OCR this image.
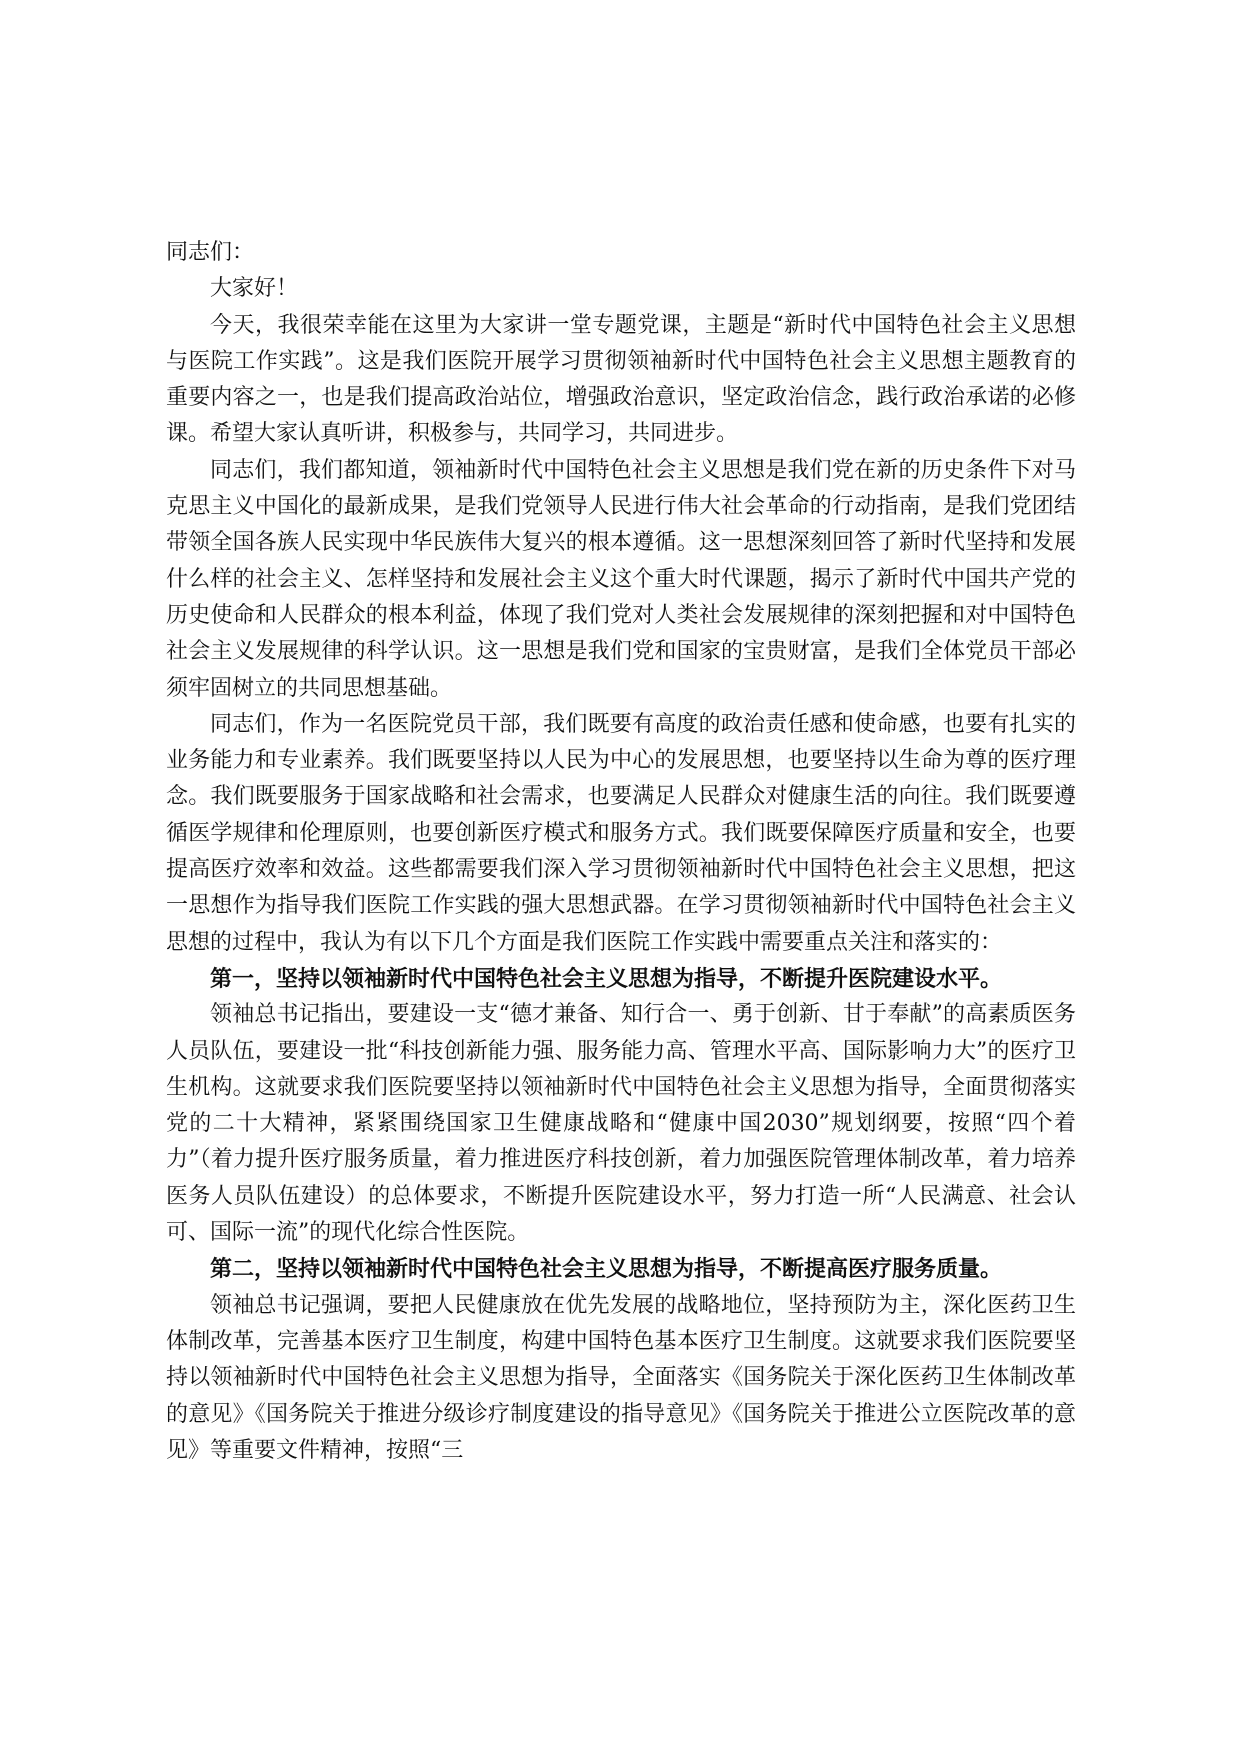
同志们：

大家好！

今天，我很荣幸能在这里为大家讲一堂专题党课，主题是“新时代中国特色社会主义思想与医院工作实践”。这是我们医院开展学习贯彻领袖新时代中国特色社会主义思想主题教育的重要内容之一，也是我们提高政治站位，增强政治意识，坚定政治信念，践行政治承诺的必修课。希望大家认真听讲，积极参与，共同学习，共同进步。

同志们，我们都知道，领袖新时代中国特色社会主义思想是我们党在新的历史条件下对马克思主义中国化的最新成果，是我们党领导人民进行伟大社会革命的行动指南，是我们党团结带领全国各族人民实现中华民族伟大复兴的根本遵循。这一思想深刻回答了新时代坚持和发展什么样的社会主义、怎样坚持和发展社会主义这个重大时代课题，揭示了新时代中国共产党的历史使命和人民群众的根本利益，体现了我们党对人类社会发展规律的深刻把握和对中国特色社会主义发展规律的科学认识。这一思想是我们党和国家的宝贵财富，是我们全体党员干部必须牢固树立的共同思想基础。

同志们，作为一名医院党员干部，我们既要有高度的政治责任感和使命感，也要有扎实的业务能力和专业素养。我们既要坚持以人民为中心的发展思想，也要坚持以生命为尊的医疗理念。我们既要服务于国家战略和社会需求，也要满足人民群众对健康生活的向往。我们既要遵循医学规律和伦理原则，也要创新医疗模式和服务方式。我们既要保障医疗质量和安全，也要提高医疗效率和效益。这些都需要我们深入学习贯彻领袖新时代中国特色社会主义思想，把这一思想作为指导我们医院工作实践的强大思想武器。在学习贯彻领袖新时代中国特色社会主义思想的过程中，我认为有以下几个方面是我们医院工作实践中需要重点关注和落实的：

第一，坚持以领袖新时代中国特色社会主义思想为指导，不断提升医院建设水平。

领袖总书记指出，要建设一支“德才兼备、知行合一、勇于创新、甘于奉献”的高素质医务人员队伍，要建设一批“科技创新能力强、服务能力高、管理水平高、国际影响力大”的医疗卫生机构。这就要求我们医院要坚持以领袖新时代中国特色社会主义思想为指导，全面贯彻落实党的二十大精神，紧紧围绕国家卫生健康战略和“健康中国2030”规划纲要，按照“四个着力”（着力提升医疗服务质量，着力推进医疗科技创新，着力加强医院管理体制改革，着力培养医务人员队伍建设）的总体要求，不断提升医院建设水平，努力打造一所“人民满意、社会认可、国际一流”的现代化综合性医院。

第二，坚持以领袖新时代中国特色社会主义思想为指导，不断提高医疗服务质量。

领袖总书记强调，要把人民健康放在优先发展的战略地位，坚持预防为主，深化医药卫生体制改革，完善基本医疗卫生制度，构建中国特色基本医疗卫生制度。这就要求我们医院要坚持以领袖新时代中国特色社会主义思想为指导，全面落实《国务院关于深化医药卫生体制改革的意见》《国务院关于推进分级诊疗制度建设的指导意见》《国务院关于推进公立医院改革的意见》等重要文件精神，按照“三
